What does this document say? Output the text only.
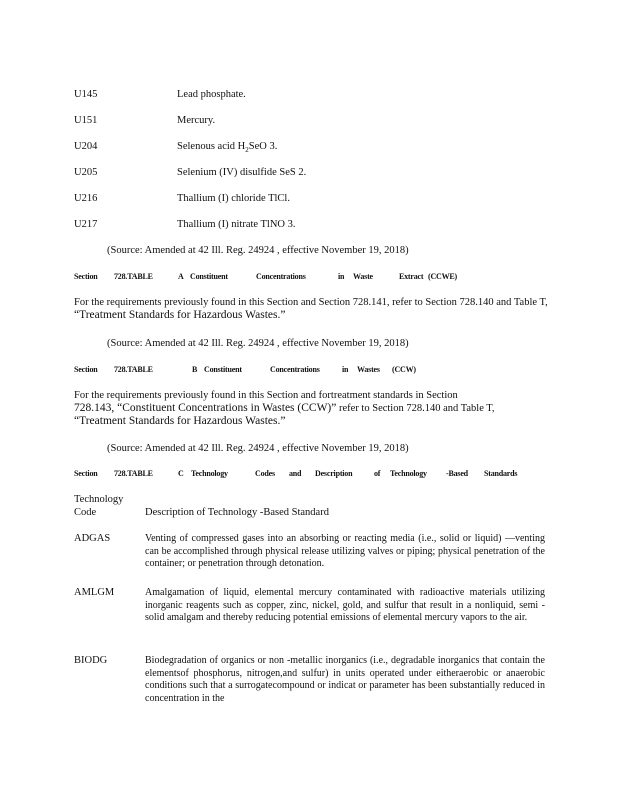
U145	Lead phosphate.
U151	Mercury.
U204	Selenous acid $H_2SeO$ 3.
U205	Selenium (IV) disulfide SeS 2.
U216	Thallium (I) chloride TlCl.
U217	Thallium (I) nitrate TlNO 3.
(Source: Amended at 42 Ill. Reg. 24924 , effective November 19, 2018)
Section 728.TABLE	A Constituent	Concentrations	in Waste	Extract (CCWE)
For the requirements previously found in this Section and Section 728.141, refer to Section 728.140 and Table T, “Treatment Standards for Hazardous Wastes.”
(Source: Amended at 42 Ill. Reg. 24924 , effective November 19, 2018)
Section 728.TABLE	B Constituent	Concentrations	in Wastes (CCW)
For the requirements previously found in this Section and fortreatment standards in Section
728.143, “Constituent Concentrations in Wastes (CCW)” refer to Section 728.140 and Table T,
“Treatment Standards for Hazardous Wastes.”
(Source: Amended at 42 Ill. Reg. 24924 , effective November 19, 2018)
Section 728.TABLE	C Technology	Codes and Description	of Technology -Based Standards
Technology
Code	Description of Technology -Based Standard
ADGAS	Venting of compressed gases into an absorbing or reacting media (i.e., solid or liquid) —venting can be accomplished through physical release utilizing valves or piping; physical penetration of the container; or penetration through detonation.
AMLGM	Amalgamation of liquid, elemental mercury contaminated with radioactive materials utilizing inorganic reagents such as copper, zinc, nickel, gold, and sulfur that result in a nonliquid, semi -solid amalgam and thereby reducing potential emissions of elemental mercury vapors to the air.
BIODG	Biodegradation of organics or non -metallic inorganics (i.e., degradable inorganics that contain the elementsof phosphorus, nitrogen,and sulfur) in units operated under eitheraerobic or anaerobic conditions such that a surrogatecompound or indicat or parameter has been substantially reduced in concentration in the
